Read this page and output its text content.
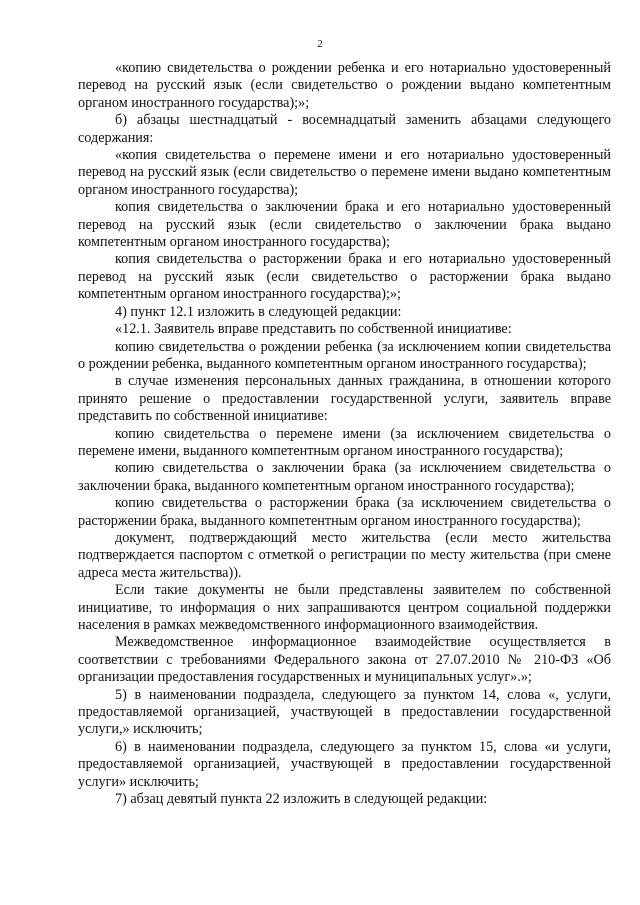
2

«копию свидетельства о рождении ребенка и его нотариально удостоверенный перевод на русский язык (если свидетельство о рождении выдано компетентным органом иностранного государства);»;

б) абзацы шестнадцатый - восемнадцатый заменить абзацами следующего содержания:

«копия свидетельства о перемене имени и его нотариально удостоверенный перевод на русский язык (если свидетельство о перемене имени выдано компетентным органом иностранного государства);

копия свидетельства о заключении брака и его нотариально удостоверенный перевод на русский язык (если свидетельство о заключении брака выдано компетентным органом иностранного государства);

копия свидетельства о расторжении брака и его нотариально удостоверенный перевод на русский язык (если свидетельство о расторжении брака выдано компетентным органом иностранного государства);»;

4) пункт 12.1 изложить в следующей редакции:

«12.1. Заявитель вправе представить по собственной инициативе:

копию свидетельства о рождении ребенка (за исключением копии свидетельства о рождении ребенка, выданного компетентным органом иностранного государства);

в случае изменения персональных данных гражданина, в отношении которого принято решение о предоставлении государственной услуги, заявитель вправе представить по собственной инициативе:

копию свидетельства о перемене имени (за исключением свидетельства о перемене имени, выданного компетентным органом иностранного государства);

копию свидетельства о заключении брака (за исключением свидетельства о заключении брака, выданного компетентным органом иностранного государства);

копию свидетельства о расторжении брака (за исключением свидетельства о расторжении брака, выданного компетентным органом иностранного государства);

документ, подтверждающий место жительства (если место жительства подтверждается паспортом с отметкой о регистрации по месту жительства (при смене адреса места жительства)).

Если такие документы не были представлены заявителем по собственной инициативе, то информация о них запрашиваются центром социальной поддержки населения в рамках межведомственного информационного взаимодействия.

Межведомственное информационное взаимодействие осуществляется в соответствии с требованиями Федерального закона от 27.07.2010 № 210-ФЗ «Об организации предоставления государственных и муниципальных услуг».»;

5) в наименовании подраздела, следующего за пунктом 14, слова «, услуги, предоставляемой организацией, участвующей в предоставлении государственной услуги,» исключить;

6) в наименовании подраздела, следующего за пунктом 15, слова «и услуги, предоставляемой организацией, участвующей в предоставлении государственной услуги» исключить;

7) абзац девятый пункта 22 изложить в следующей редакции:
